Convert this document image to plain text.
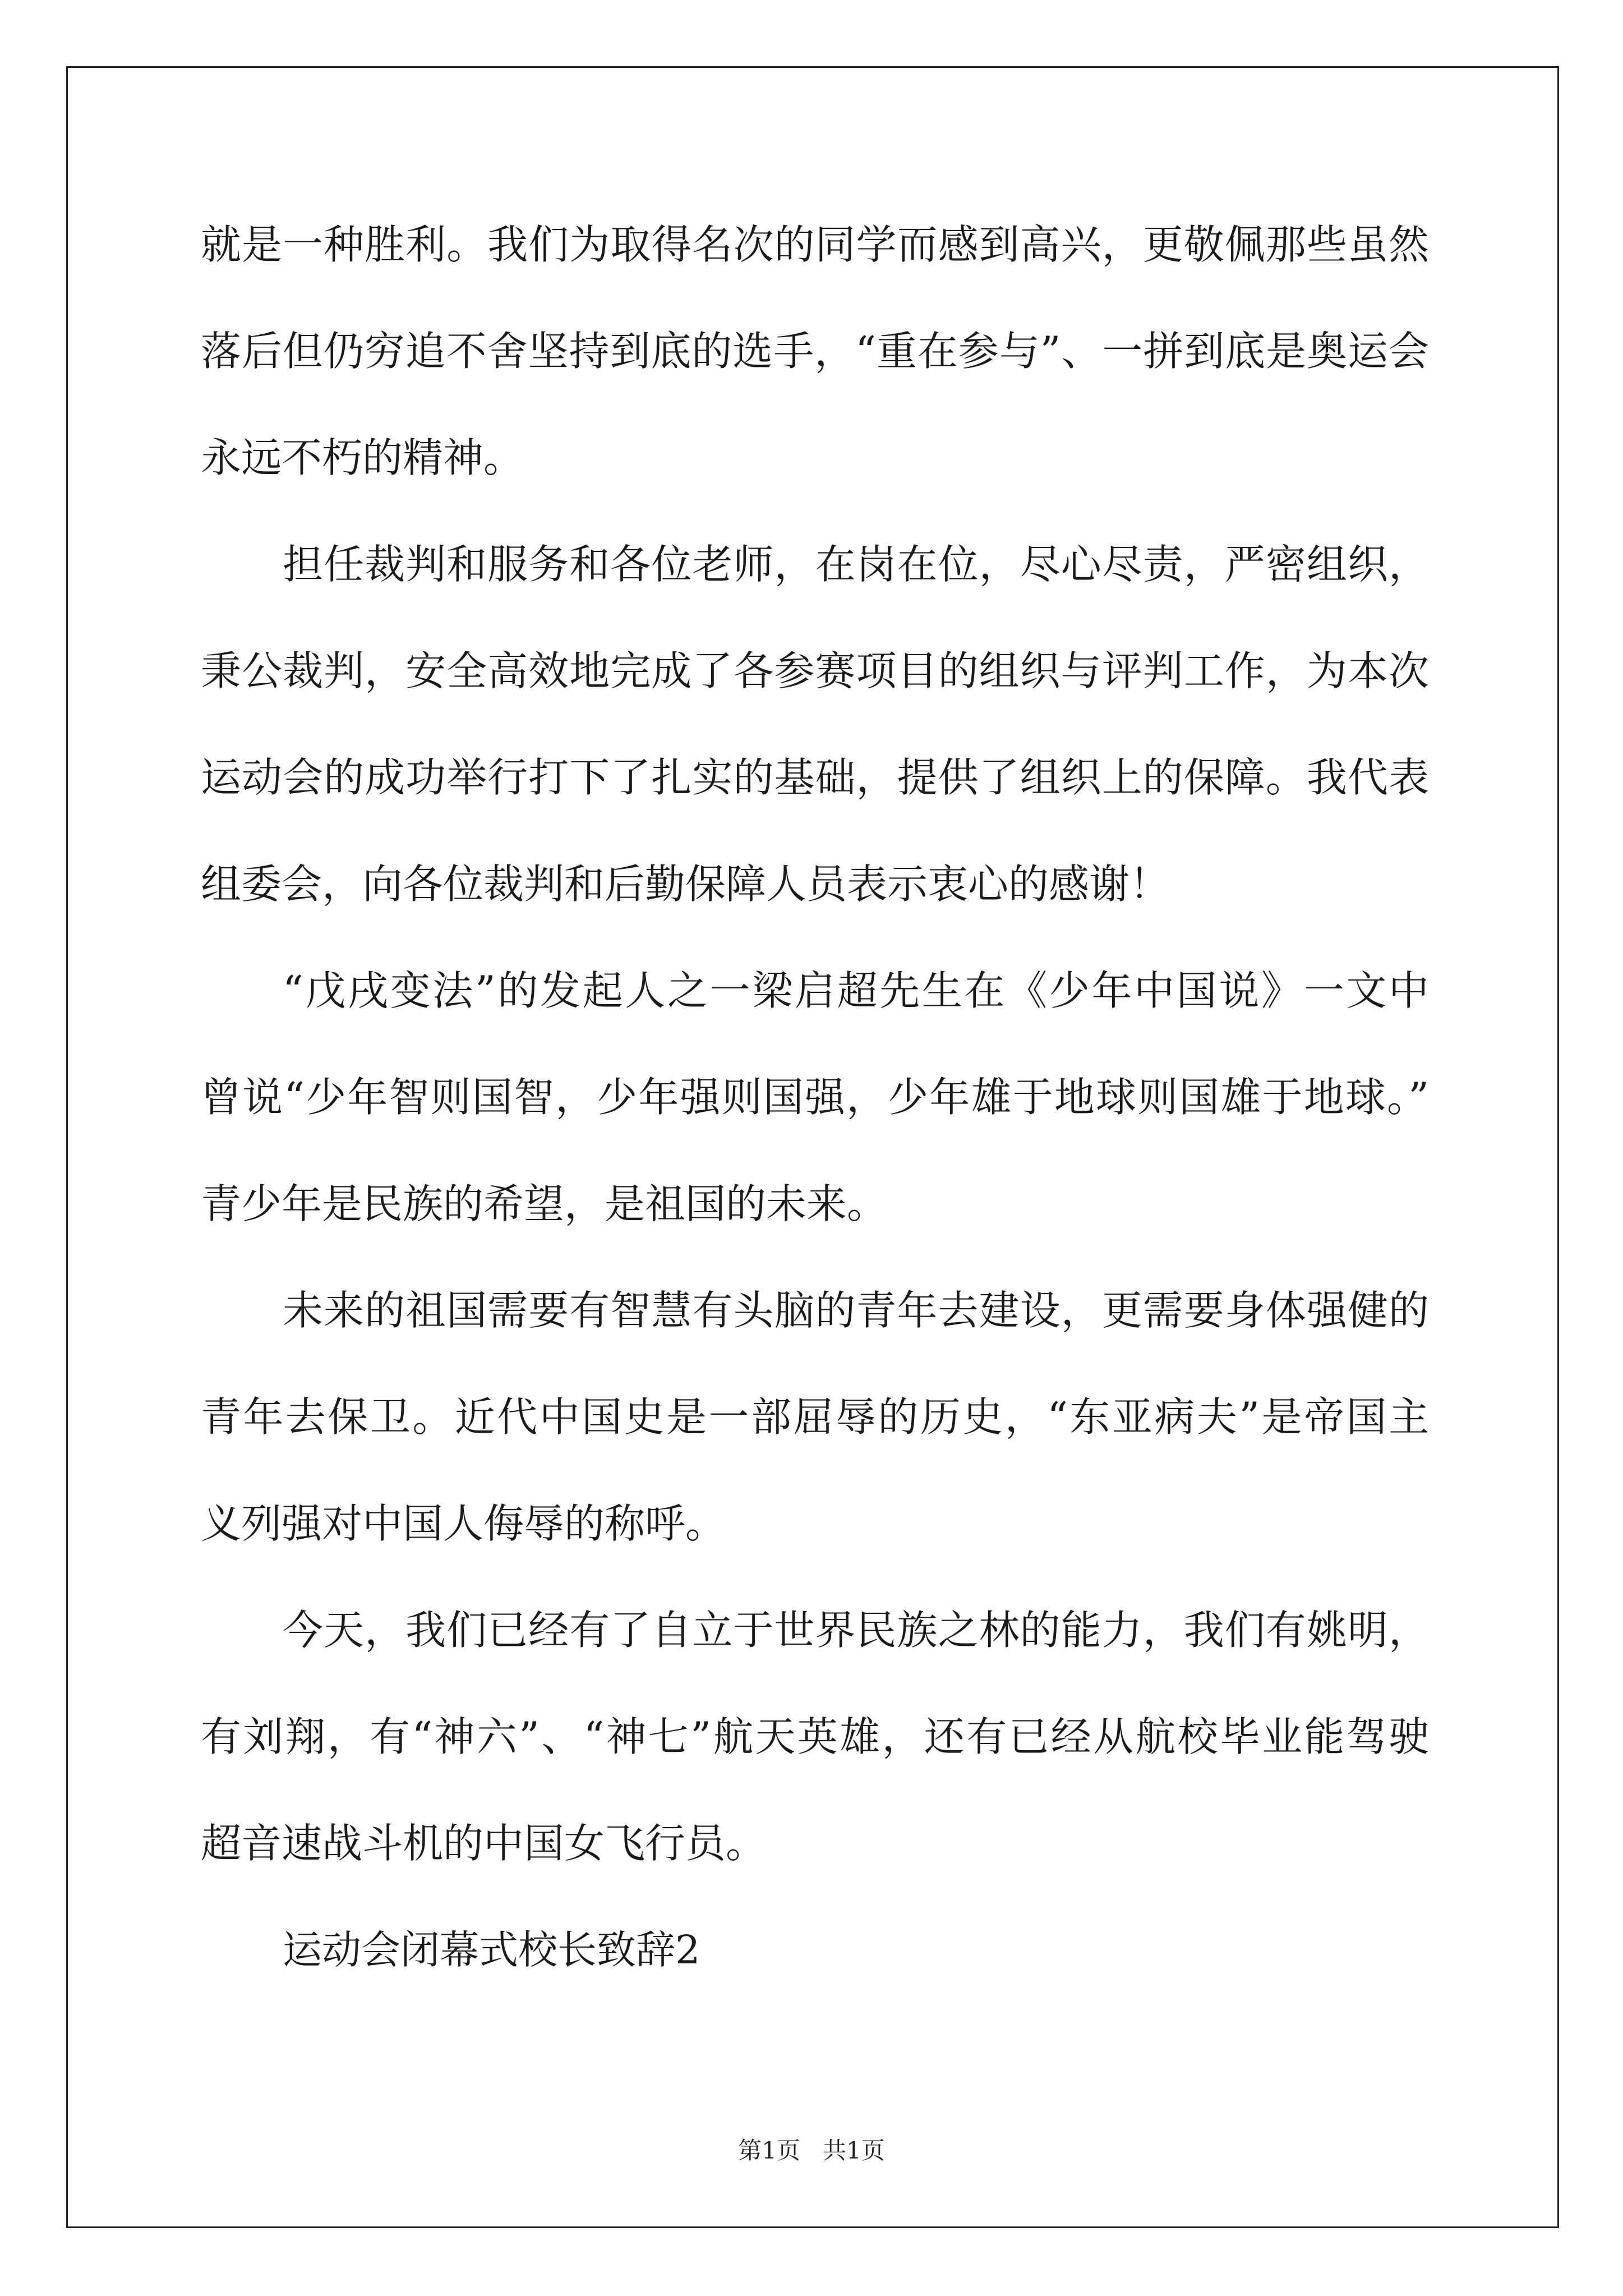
就是一种胜利。我们为取得名次的同学而感到高兴，更敬佩那些虽然
落后但仍穷追不舍坚持到底的选手，“重在参与”、一拼到底是奥运会
永远不朽的精神。
担任裁判和服务和各位老师，在岗在位，尽心尽责，严密组织，
秉公裁判，安全高效地完成了各参赛项目的组织与评判工作，为本次
运动会的成功举行打下了扎实的基础，提供了组织上的保障。我代表
组委会，向各位裁判和后勤保障人员表示衷心的感谢！
“戊戌变法”的发起人之一梁启超先生在《少年中国说》一文中
曾说“少年智则国智，少年强则国强，少年雄于地球则国雄于地球。”
青少年是民族的希望，是祖国的未来。
未来的祖国需要有智慧有头脑的青年去建设，更需要身体强健的
青年去保卫。近代中国史是一部屈辱的历史，“东亚病夫”是帝国主
义列强对中国人侮辱的称呼。
今天，我们已经有了自立于世界民族之林的能力，我们有姚明，
有刘翔，有“神六”、“神七”航天英雄，还有已经从航校毕业能驾驶
超音速战斗机的中国女飞行员。
运动会闭幕式校长致辞2
第1页 共1页
